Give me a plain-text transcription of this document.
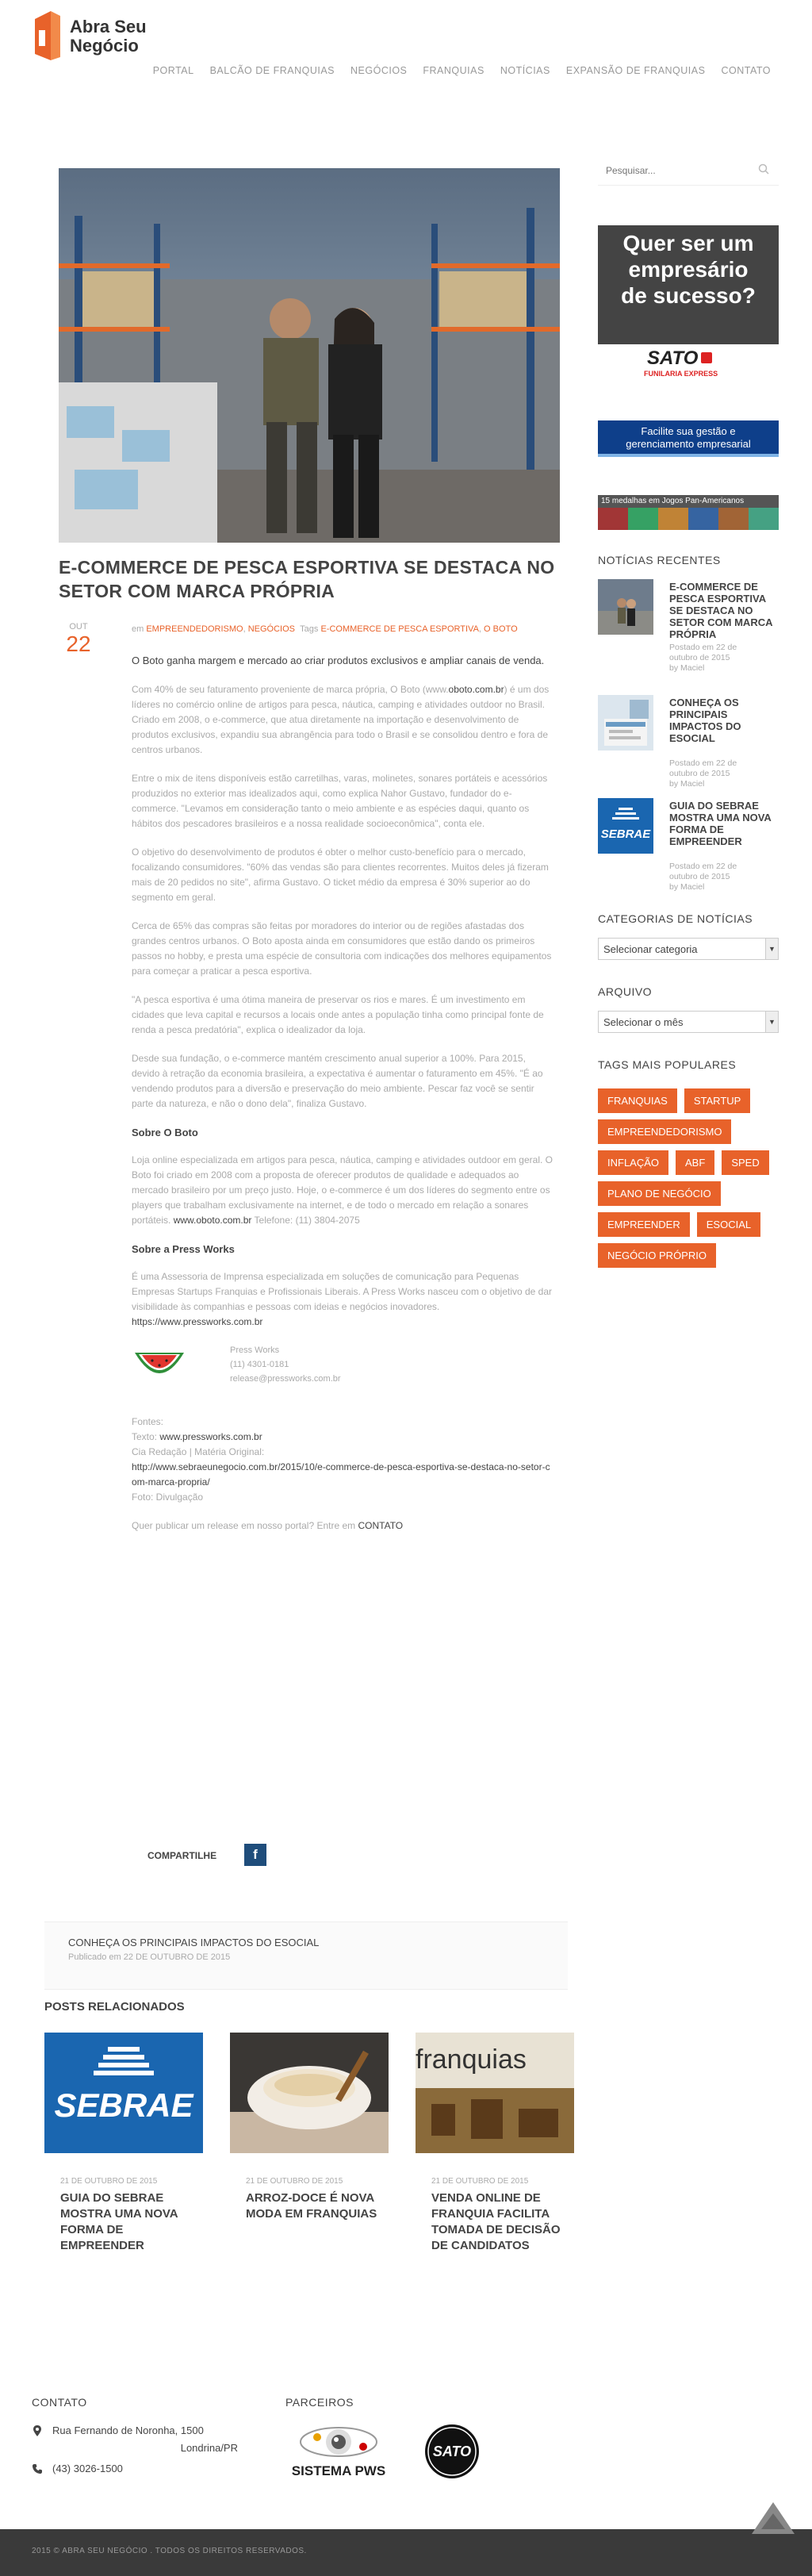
Abra Seu
Negócio
PORTAL BALCÃO DE FRANQUIAS NEGÓCIOS FRANQUIAS NOTÍCIAS EXPANSÃO DE FRANQUIAS CONTATO
E-COMMERCE DE PESCA ESPORTIVA SE DESTACA NO SETOR COM MARCA PRÓPRIA
OUT
22
em EMPREENDEDORISMO, NEGÓCIOS Tags E-COMMERCE DE PESCA ESPORTIVA, O BOTO

O Boto ganha margem e mercado ao criar produtos exclusivos e ampliar canais de venda.

Com 40% de seu faturamento proveniente de marca própria, O Boto (www.oboto.com.br) é um dos líderes no comércio online de artigos para pesca, náutica, camping e atividades outdoor no Brasil. Criado em 2008, o e-commerce, que atua diretamente na importação e desenvolvimento de produtos exclusivos, expandiu sua abrangência para todo o Brasil e se consolidou dentro e fora de centros urbanos.

Entre o mix de itens disponíveis estão carretilhas, varas, molinetes, sonares portáteis e acessórios produzidos no exterior mas idealizados aqui, como explica Nahor Gustavo, fundador do e-commerce. "Levamos em consideração tanto o meio ambiente e as espécies daqui, quanto os hábitos dos pescadores brasileiros e a nossa realidade socioeconômica", conta ele.

O objetivo do desenvolvimento de produtos é obter o melhor custo-benefício para o mercado, focalizando consumidores. "60% das vendas são para clientes recorrentes. Muitos deles já fizeram mais de 20 pedidos no site", afirma Gustavo. O ticket médio da empresa é 30% superior ao do segmento em geral.

Cerca de 65% das compras são feitas por moradores do interior ou de regiões afastadas dos grandes centros urbanos. O Boto aposta ainda em consumidores que estão dando os primeiros passos no hobby, e presta uma espécie de consultoria com indicações dos melhores equipamentos para começar a praticar a pesca esportiva.

"A pesca esportiva é uma ótima maneira de preservar os rios e mares. É um investimento em cidades que leva capital e recursos a locais onde antes a população tinha como principal fonte de renda a pesca predatória", explica o idealizador da loja.

Desde sua fundação, o e-commerce mantém crescimento anual superior a 100%. Para 2015, devido à retração da economia brasileira, a expectativa é aumentar o faturamento em 45%. "É ao vendendo produtos para a diversão e preservação do meio ambiente. Pescar faz você se sentir parte da natureza, e não o dono dela", finaliza Gustavo.

Sobre O Boto

Loja online especializada em artigos para pesca, náutica, camping e atividades outdoor em geral. O Boto foi criado em 2008 com a proposta de oferecer produtos de qualidade e adequados ao mercado brasileiro por um preço justo. Hoje, o e-commerce é um dos líderes do segmento entre os players que trabalham exclusivamente na internet, e de todo o mercado em relação a sonares portáteis. www.oboto.com.br Telefone: (11) 3804-2075

Sobre a Press Works

É uma Assessoria de Imprensa especializada em soluções de comunicação para Pequenas Empresas Startups Franquias e Profissionais Liberais. A Press Works nasceu com o objetivo de dar visibilidade às companhias e pessoas com ideias e negócios inovadores. https://www.pressworks.com.br

Press Works
(11) 4301-0181
release@pressworks.com.br

Fontes:
Texto: www.pressworks.com.br
Cia Redação | Matéria Original:
http://www.sebraeunegocio.com.br/2015/10/e-commerce-de-pesca-esportiva-se-destaca-no-setor-com-marca-propria/
Foto: Divulgação

Quer publicar um release em nosso portal? Entre em CONTATO

COMPARTILHE	f
CONHEÇA OS PRINCIPAIS IMPACTOS DO ESOCIAL
Publicado em 22 DE OUTUBRO DE 2015
POSTS RELACIONADOS
SEBRAE
21 DE OUTUBRO DE 2015
GUIA DO SEBRAE MOSTRA UMA NOVA FORMA DE EMPREENDER
21 DE OUTUBRO DE 2015
ARROZ-DOCE É NOVA MODA EM FRANQUIAS
franquias
21 DE OUTUBRO DE 2015
VENDA ONLINE DE FRANQUIA FACILITA TOMADA DE DECISÃO DE CANDIDATOS
Pesquisar...
Quer ser um
empresário
de sucesso?
SATO
FUNILARIA EXPRESS
Facilite sua gestão e
gerenciamento empresarial
15 medalhas em Jogos Pan-Americanos
NOTÍCIAS RECENTES
E-COMMERCE DE PESCA ESPORTIVA SE DESTACA NO SETOR COM MARCA PRÓPRIA
Postado em 22 de
outubro de 2015
by Maciel
CONHEÇA OS PRINCIPAIS IMPACTOS DO ESOCIAL
Postado em 22 de
outubro de 2015
by Maciel
SEBRAE
GUIA DO SEBRAE MOSTRA UMA NOVA FORMA DE EMPREENDER
Postado em 22 de
outubro de 2015
by Maciel
CATEGORIAS DE NOTÍCIAS
Selecionar categoria	▼
ARQUIVO
Selecionar o mês	▼
TAGS MAIS POPULARES
FRANQUIAS	STARTUP
EMPREENDEDORISMO
INFLAÇÃO	ABF	SPED
PLANO DE NEGÓCIO
EMPREENDER	ESOCIAL
NEGÓCIO PRÓPRIO
CONTATO
Rua Fernando de Noronha, 1500
Londrina/PR
(43) 3026-1500
PARCEIROS
SISTEMA PWS
SATO
2015 © ABRA SEU NEGÓCIO . TODOS OS DIREITOS RESERVADOS.
